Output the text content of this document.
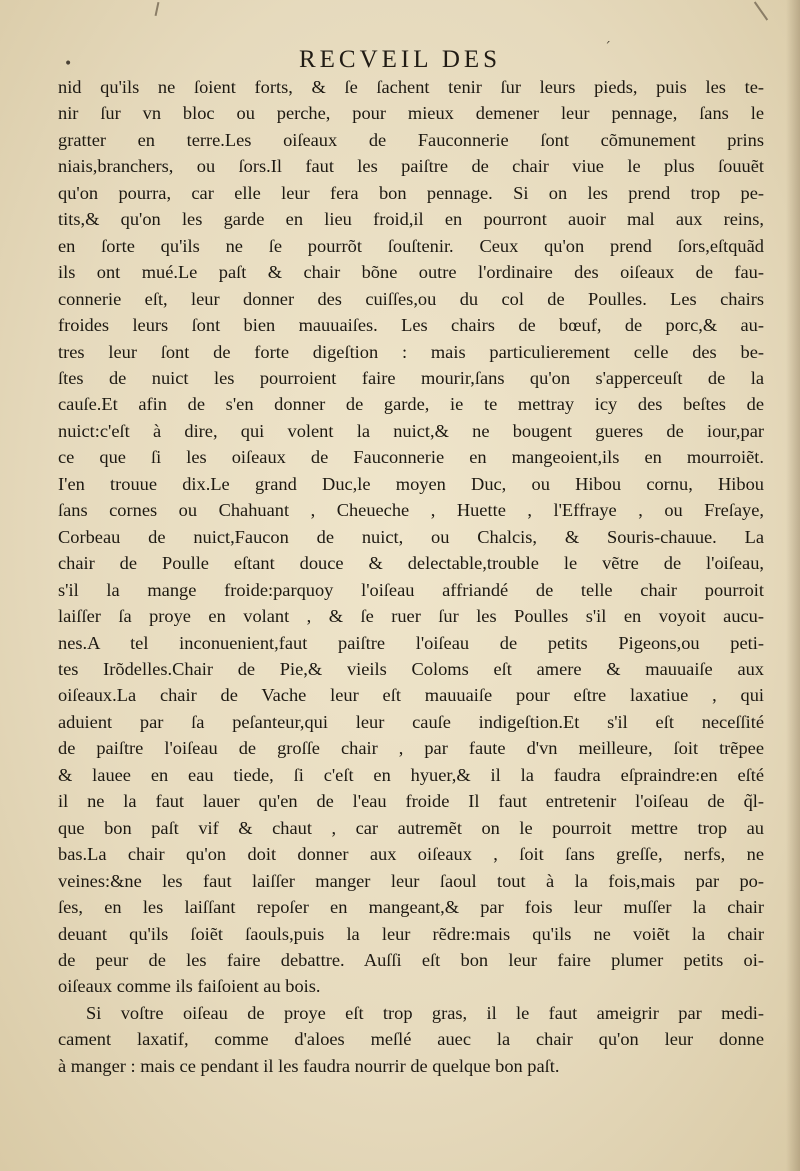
•
ˊ
RECVEIL DES
nid qu'ils ne ſoient forts, & ſe ſachent tenir ſur leurs pieds, puis les te-
nir ſur vn bloc ou perche, pour mieux demener leur pennage, ſans le
gratter en terre.Les oiſeaux de Fauconnerie ſont cõmunement prins
niais,branchers, ou ſors.Il faut les paiſtre de chair viue le plus ſouuẽt
qu'on pourra, car elle leur fera bon pennage. Si on les prend trop pe-
tits,& qu'on les garde en lieu froid,il en pourront auoir mal aux reins,
en ſorte qu'ils ne ſe pourrõt ſouſtenir. Ceux qu'on prend ſors,eſtquãd
ils ont mué.Le paſt & chair bõne outre l'ordinaire des oiſeaux de fau-
connerie eſt, leur donner des cuiſſes,ou du col de Poulles. Les chairs
froides leurs ſont bien mauuaiſes. Les chairs de bœuf, de porc,& au-
tres leur ſont de forte digeſtion : mais particulierement celle des be-
ſtes de nuict les pourroient faire mourir,ſans qu'on s'apperceuſt de la
cauſe.Et afin de s'en donner de garde, ie te mettray icy des beſtes de
nuict:c'eſt à dire, qui volent la nuict,& ne bougent gueres de iour,par
ce que ſi les oiſeaux de Fauconnerie en mangeoient,ils en mourroiẽt.
I'en trouue dix.Le grand Duc,le moyen Duc, ou Hibou cornu, Hibou
ſans cornes ou Chahuant , Cheueche , Huette , l'Effraye , ou Freſaye,
Corbeau de nuict,Faucon de nuict, ou Chalcis, & Souris-chauue. La
chair de Poulle eſtant douce & delectable,trouble le vẽtre de l'oiſeau,
s'il la mange froide:parquoy l'oiſeau affriandé de telle chair pourroit
laiſſer ſa proye en volant , & ſe ruer ſur les Poulles s'il en voyoit aucu-
nes.A tel inconuenient,faut paiſtre l'oiſeau de petits Pigeons,ou peti-
tes Irõdelles.Chair de Pie,& vieils Coloms eſt amere & mauuaiſe aux
oiſeaux.La chair de Vache leur eſt mauuaiſe pour eſtre laxatiue , qui
aduient par ſa peſanteur,qui leur cauſe indigeſtion.Et s'il eſt neceſſité
de paiſtre l'oiſeau de groſſe chair , par faute d'vn meilleure, ſoit trẽpee
& lauee en eau tiede, ſi c'eſt en hyuer,& il la faudra eſpraindre:en eſté
il ne la faut lauer qu'en de l'eau froide Il faut entretenir l'oiſeau de q̃l-
que bon paſt vif & chaut , car autremẽt on le pourroit mettre trop au
bas.La chair qu'on doit donner aux oiſeaux , ſoit ſans greſſe, nerfs, ne
veines:&ne les faut laiſſer manger leur ſaoul tout à la fois,mais par po-
ſes, en les laiſſant repoſer en mangeant,& par fois leur muſſer la chair
deuant qu'ils ſoiẽt ſaouls,puis la leur rẽdre:mais qu'ils ne voiẽt la chair
de peur de les faire debattre. Auſſi eſt bon leur faire plumer petits oi-
oiſeaux comme ils faiſoient au bois.
Si voſtre oiſeau de proye eſt trop gras, il le faut ameigrir par medi-
cament laxatif, comme d'aloes meſlé auec la chair qu'on leur donne
à manger : mais ce pendant il les faudra nourrir de quelque bon paſt.
